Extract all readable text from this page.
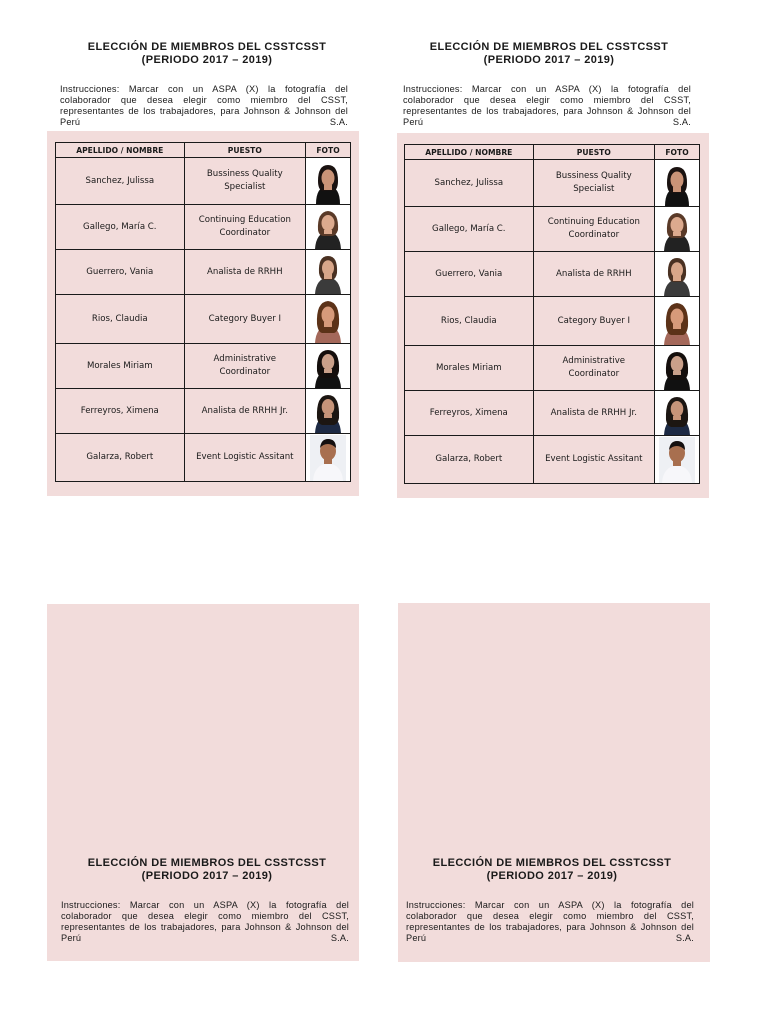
ELECCIÓN DE MIEMBROS DEL CSSTCSST
(PERIODO 2017 – 2019)
Instrucciones: Marcar con un ASPA (X) la fotografía del colaborador que desea elegir como miembro del CSST, representantes de los trabajadores, para Johnson & Johnson del Perú S.A.
APELLIDO / NOMBRE	PUESTO	FOTO
Sanchez, Julissa	Bussiness Quality Specialist	

Gallego, María C.	Continuing Education Coordinator	

Guerrero, Vania	Analista de RRHH	

Rios, Claudia	Category Buyer I	

Morales Miriam	Administrative Coordinator	

Ferreyros, Ximena	Analista de RRHH Jr.	

Galarza, Robert	Event Logistic Assitant	
ELECCIÓN DE MIEMBROS DEL CSSTCSST
(PERIODO 2017 – 2019)
Instrucciones: Marcar con un ASPA (X) la fotografía del colaborador que desea elegir como miembro del CSST, representantes de los trabajadores, para Johnson & Johnson del Perú S.A.
APELLIDO / NOMBRE	PUESTO	FOTO
Sanchez, Julissa	Bussiness Quality Specialist	

Gallego, María C.	Continuing Education Coordinator	

Guerrero, Vania	Analista de RRHH	

Rios, Claudia	Category Buyer I	

Morales Miriam	Administrative Coordinator	

Ferreyros, Ximena	Analista de RRHH Jr.	

Galarza, Robert	Event Logistic Assitant	
ELECCIÓN DE MIEMBROS DEL CSSTCSST
(PERIODO 2017 – 2019)
Instrucciones: Marcar con un ASPA (X) la fotografía del colaborador que desea elegir como miembro del CSST, representantes de los trabajadores, para Johnson & Johnson del Perú S.A.
ELECCIÓN DE MIEMBROS DEL CSSTCSST
(PERIODO 2017 – 2019)
Instrucciones: Marcar con un ASPA (X) la fotografía del colaborador que desea elegir como miembro del CSST, representantes de los trabajadores, para Johnson & Johnson del Perú S.A.
